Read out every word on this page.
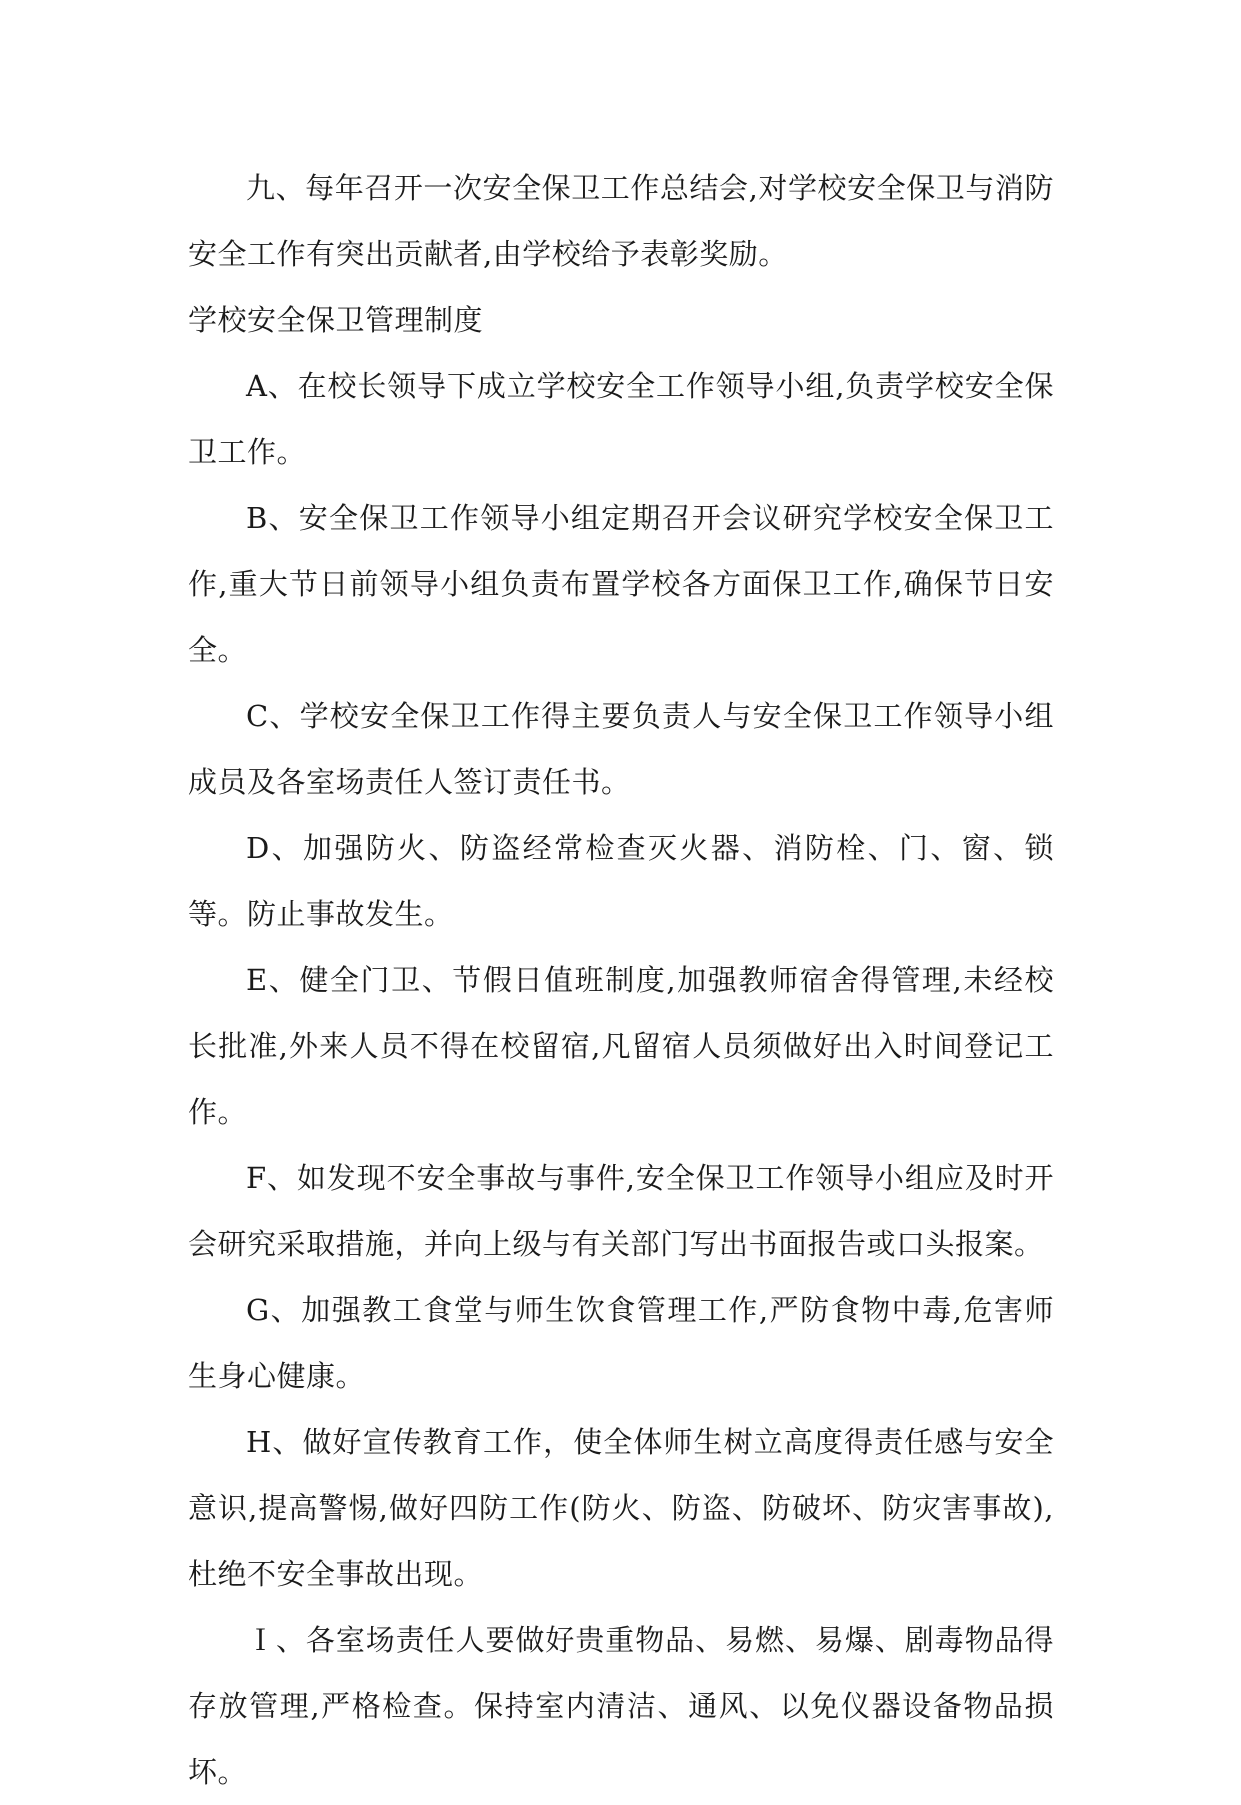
九、每年召开一次安全保卫工作总结会,对学校安全保卫与消防安全工作有突出贡献者,由学校给予表彰奖励。

学校安全保卫管理制度

A、在校长领导下成立学校安全工作领导小组,负责学校安全保卫工作。

B、安全保卫工作领导小组定期召开会议研究学校安全保卫工作,重大节日前领导小组负责布置学校各方面保卫工作,确保节日安全。

C、学校安全保卫工作得主要负责人与安全保卫工作领导小组成员及各室场责任人签订责任书。

D、加强防火、防盗经常检查灭火器、消防栓、门、窗、锁等。防止事故发生。

E、健全门卫、节假日值班制度,加强教师宿舍得管理,未经校长批准,外来人员不得在校留宿,凡留宿人员须做好出入时间登记工作。

F、如发现不安全事故与事件,安全保卫工作领导小组应及时开会研究采取措施，并向上级与有关部门写出书面报告或口头报案。

G、加强教工食堂与师生饮食管理工作,严防食物中毒,危害师生身心健康。

H、做好宣传教育工作，使全体师生树立高度得责任感与安全意识,提高警惕,做好四防工作(防火、防盗、防破坏、防灾害事故),杜绝不安全事故出现。

Ｉ、各室场责任人要做好贵重物品、易燃、易爆、剧毒物品得存放管理,严格检查。保持室内清洁、通风、以免仪器设备物品损坏。
